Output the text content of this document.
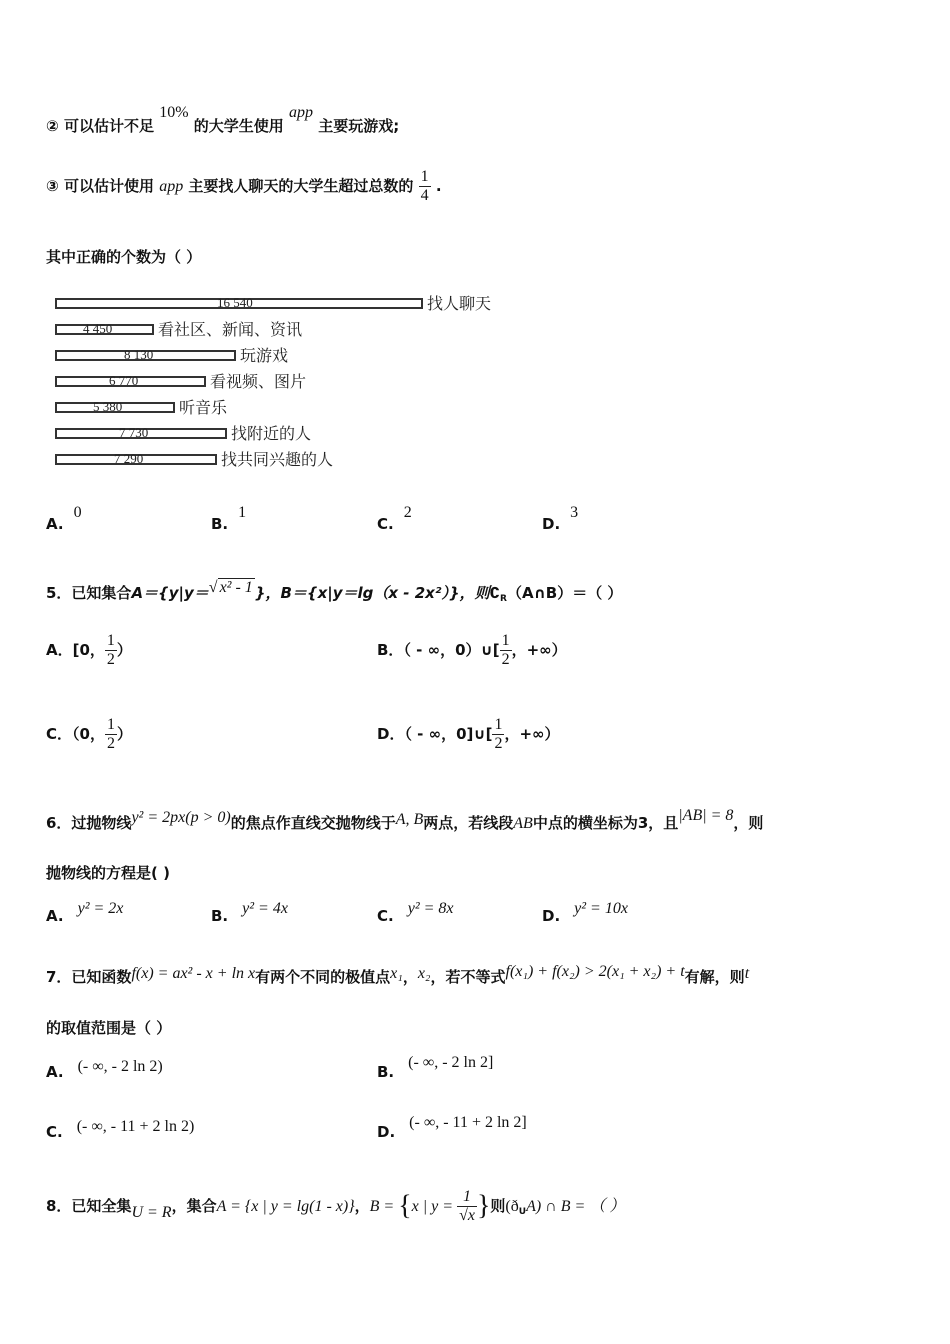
② 可以估计不足 10% 的大学生使用 app 主要玩游戏;
③ 可以估计使用 app 主要找人聊天的大学生超过总数的 $\frac{1}{4}$ .
其中正确的个数为（ ）
16 540	找人聊天
4 450	看社区、新闻、资讯
8 130	玩游戏
6 770	看视频、图片
5 380	听音乐
7 730	找附近的人
7 290	找共同兴趣的人
A.0
B.1
C.2
D.3
5．已知集合A＝{y|y＝√ x² - 1 }，B＝{x|y＝lg（x - 2x²）}，则$∁_R(A\cap B)=$（ ）
A．[0， $\frac{1}{2}$ ）	B．（ - ∞，0）∪[ $\frac{1}{2}$ ，+∞）
C．（0， $\frac{1}{2}$ ）	D．（ - ∞，0]∪[ $\frac{1}{2}$ ，+∞）
6．过抛物线y² = 2px(p > 0)的焦点作直线交抛物线于A, B两点，若线段AB中点的横坐标为3，且|AB| = 8，则
抛物线的方程是( )
A. y² = 2x	B. y² = 4x	C. y² = 8x	D. y² = 10x
7．已知函数f(x) = ax² - x + ln x有两个不同的极值点x₁，x₂，若不等式f(x₁) + f(x₂) > 2(x₁ + x₂) + t有解，则t
的取值范围是（ ）
A. (- ∞, - 2 ln 2)	B.(- ∞, - 2 ln 2]
C. (- ∞, - 11 + 2 ln 2)	D.(- ∞, - 11 + 2 ln 2]
8．已知全集U = R，集合A = {x | y = lg(1 - x)}，B = {x | $y = \frac{1}{√x}$ }则$(ð_UA)$ ∩ B = （ ）
